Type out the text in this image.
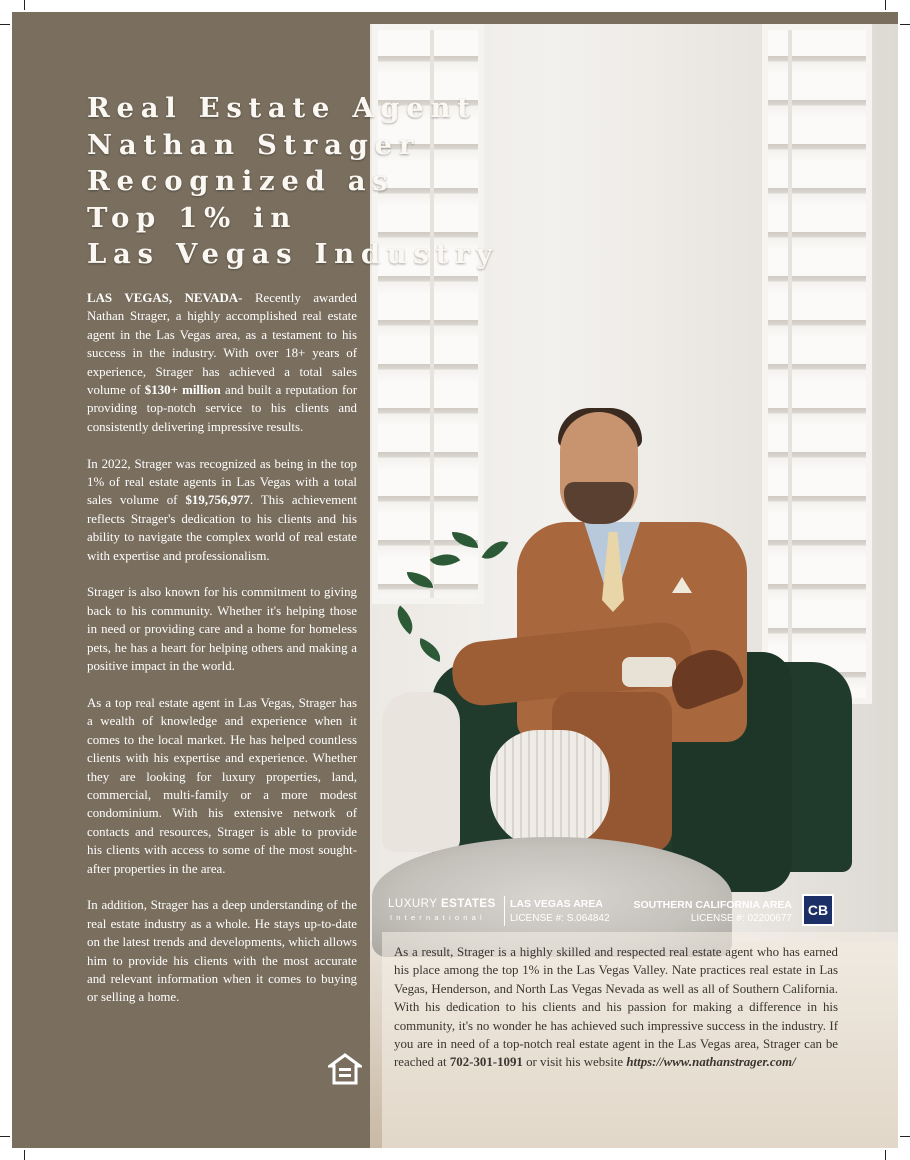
Real Estate Agent
Nathan Strager
Recognized as
Top 1% in
Las Vegas Industry

LAS VEGAS, NEVADA- Recently awarded Nathan Strager, a highly accomplished real estate agent in the Las Vegas area, as a testament to his success in the industry. With over 18+ years of experience, Strager has achieved a total sales volume of $130+ million and built a reputation for providing top-notch service to his clients and consistently delivering impressive results.

In 2022, Strager was recognized as being in the top 1% of real estate agents in Las Vegas with a total sales volume of $19,756,977. This achievement reflects Strager's dedication to his clients and his ability to navigate the complex world of real estate with expertise and professionalism.

Strager is also known for his commitment to giving back to his community. Whether it's helping those in need or providing care and a home for homeless pets, he has a heart for helping others and making a positive impact in the world.

As a top real estate agent in Las Vegas, Strager has a wealth of knowledge and experience when it comes to the local market. He has helped countless clients with his expertise and experience. Whether they are looking for luxury properties, land, commercial, multi-family or a more modest condominium. With his extensive network of contacts and resources, Strager is able to provide his clients with access to some of the most sought-after properties in the area.

In addition, Strager has a deep understanding of the real estate industry as a whole. He stays up-to-date on the latest trends and developments, which allows him to provide his clients with the most accurate and relevant information when it comes to buying or selling a home.

LUXURY ESTATES
International
LAS VEGAS AREA
LICENSE #: S.064842
SOUTHERN CALIFORNIA AREA
LICENSE #: 02200677
CB

As a result, Strager is a highly skilled and respected real estate agent who has earned his place among the top 1% in the Las Vegas Valley. Nate practices real estate in Las Vegas, Henderson, and North Las Vegas Nevada as well as all of Southern California. With his dedication to his clients and his passion for making a difference in his community, it's no wonder he has achieved such impressive success in the industry. If you are in need of a top-notch real estate agent in the Las Vegas area, Strager can be reached at 702-301-1091 or visit his website https://www.nathanstrager.com/
